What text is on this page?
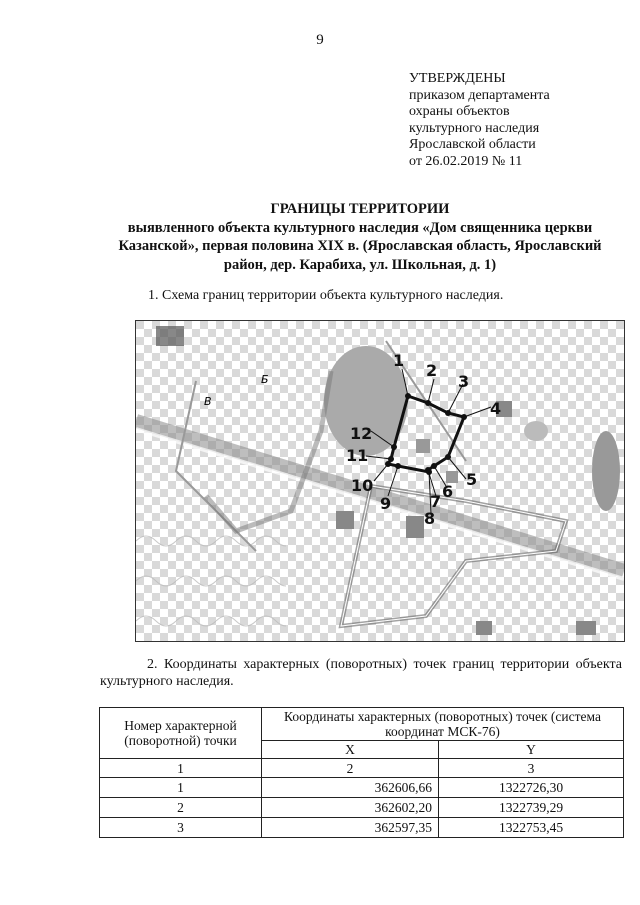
9
УТВЕРЖДЕНЫ
приказом департамента
охраны объектов
культурного наследия
Ярославской области
от 26.02.2019 № 11
ГРАНИЦЫ ТЕРРИТОРИИ
выявленного объекта культурного наследия «Дом священника церкви Казанской», первая половина XIX в. (Ярославская область, Ярославский район, дер. Карабиха, ул. Школьная, д. 1)
1. Схема границ территории объекта культурного наследия.
Б
В
1
2
3
4
5
6
7
8
9
10
11
12
2. Координаты характерных (поворотных) точек границ территории объекта культурного наследия.
Номер характерной (поворотной) точки	Координаты характерных (поворотных) точек (система координат МСК-76)	
	X	Y
1	2	3
1	362606,66	1322726,30
2	362602,20	1322739,29
3	362597,35	1322753,45
